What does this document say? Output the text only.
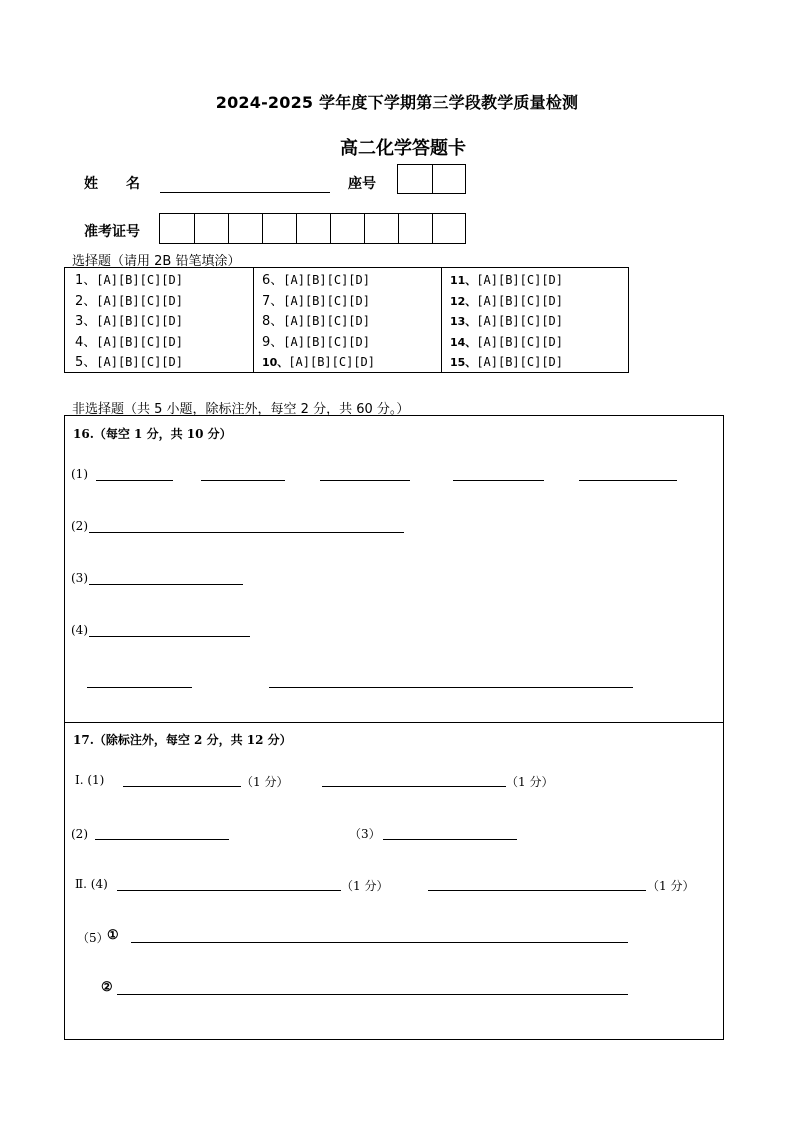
2024-2025 学年度下学期第三学段教学质量检测
高二化学答题卡
姓　　名	座号
准考证号
选择题（请用 2B 铅笔填涂）
1、[A][B][C][D]
2、[A][B][C][D]
3、[A][B][C][D]
4、[A][B][C][D]
5、[A][B][C][D]
6、[A][B][C][D]
7、[A][B][C][D]
8、[A][B][C][D]
9、[A][B][C][D]
10、[A][B][C][D]
11、[A][B][C][D]
12、[A][B][C][D]
13、[A][B][C][D]
14、[A][B][C][D]
15、[A][B][C][D]
非选择题（共 5 小题，除标注外，每空 2 分，共 60 分。）
16.（每空 1 分，共 10 分）
(1)
(2)
(3)
(4)
17.（除标注外，每空 2 分，共 12 分）
Ⅰ. (1)	（1 分）	（1 分）
(2)	（3）
Ⅱ. (4)	（1 分）	（1 分）
（5）
①
②
